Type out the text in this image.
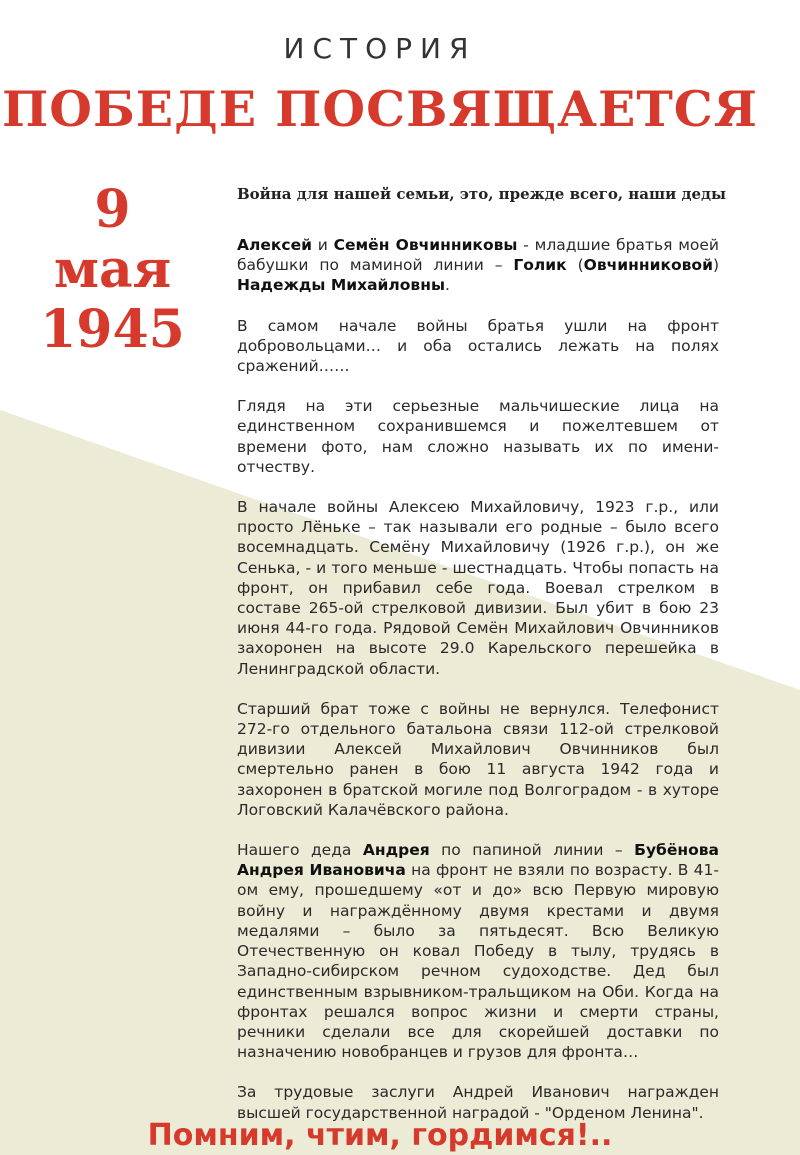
ИСТОРИЯ
ПОБЕДЕ ПОСВЯЩАЕТСЯ
9
мая
1945
Война для нашей семьи, это, прежде всего, наши деды

Алексей и Семён Овчинниковы - младшие братья моей бабушки по маминой линии – Голик (Овчинниковой) Надежды Михайловны.

В самом начале войны братья ушли на фронт добровольцами… и оба остались лежать на полях сражений……

Глядя на эти серьезные мальчишеские лица на единственном сохранившемся и пожелтевшем от времени фото, нам сложно называть их по имени-отчеству.

В начале войны Алексею Михайловичу, 1923 г.р., или просто Лёньке – так называли его родные – было всего восемнадцать. Семёну Михайловичу (1926 г.р.), он же Сенька, - и того меньше - шестнадцать. Чтобы попасть на фронт, он прибавил себе года. Воевал стрелком в составе 265-ой стрелковой дивизии. Был убит в бою 23 июня 44-го года. Рядовой Семён Михайлович Овчинников захоронен на высоте 29.0 Карельского перешейка в Ленинградской области.

Старший брат тоже с войны не вернулся. Телефонист 272-го отдельного батальона связи 112-ой стрелковой дивизии Алексей Михайлович Овчинников был смертельно ранен в бою 11 августа 1942 года и захоронен в братской могиле под Волгоградом - в хуторе Логовский Калачёвского района.

Нашего деда Андрея по папиной линии – Бубёнова Андрея Ивановича на фронт не взяли по возрасту. В 41-ом ему, прошедшему «от и до» всю Первую мировую войну и награждённому двумя крестами и двумя медалями – было за пятьдесят. Всю Великую Отечественную он ковал Победу в тылу, трудясь в Западно-сибирском речном судоходстве. Дед был единственным взрывником-тральщиком на Оби. Когда на фронтах решался вопрос жизни и смерти страны, речники сделали все для скорейшей доставки по назначению новобранцев и грузов для фронта…

За трудовые заслуги Андрей Иванович награжден высшей государственной наградой - "Орденом Ленина".

Помним, чтим, гордимся!..
